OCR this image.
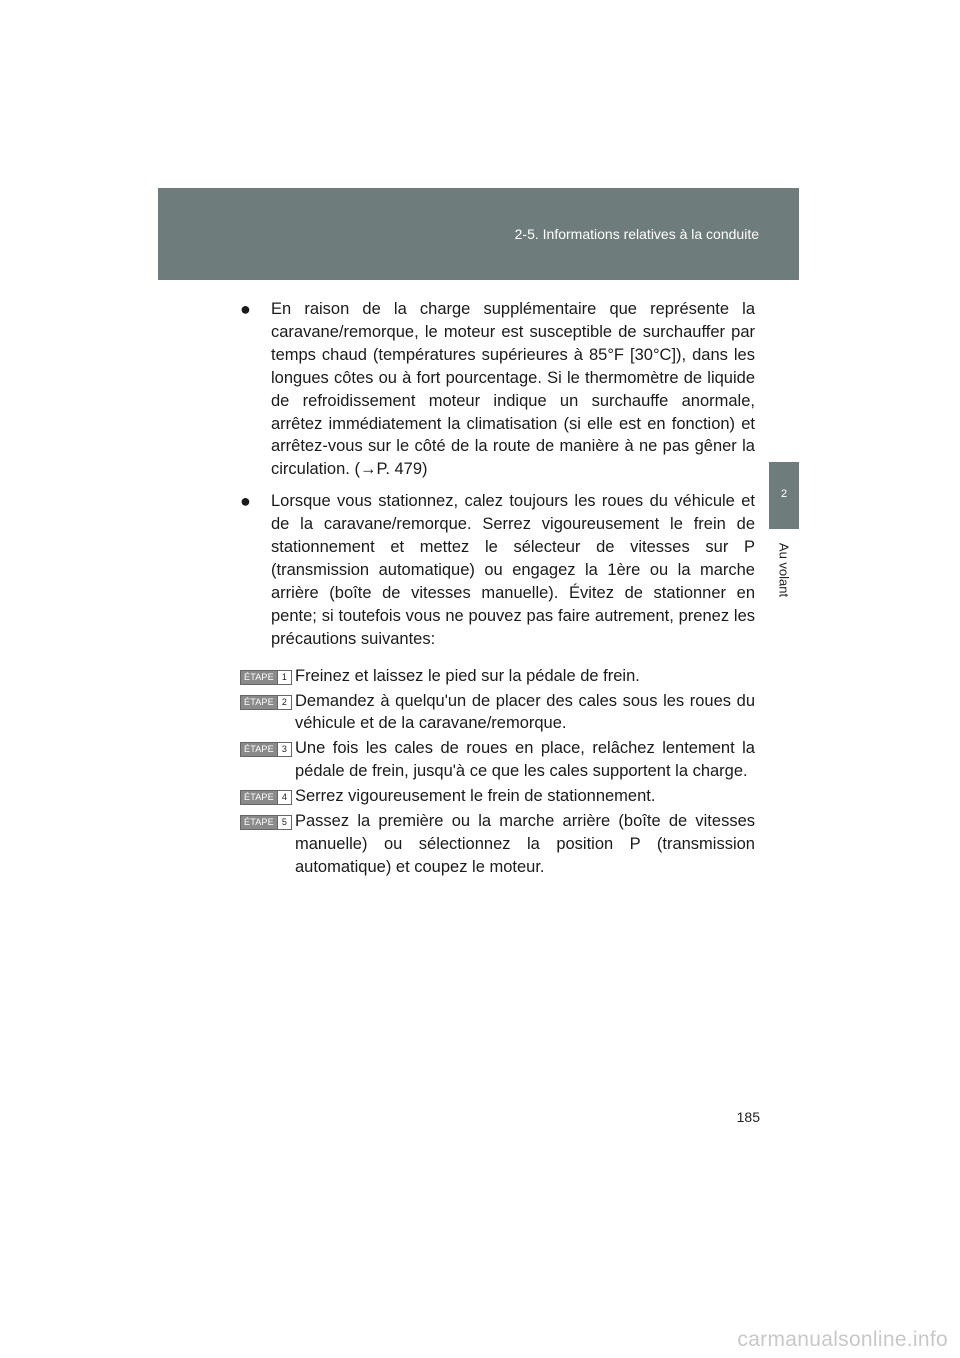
2-5. Informations relatives à la conduite
2
Au volant
● En raison de la charge supplémentaire que représente la caravane/remorque, le moteur est susceptible de surchauffer par temps chaud (températures supérieures à 85°F [30°C]), dans les longues côtes ou à fort pourcentage. Si le thermomètre de liquide de refroidissement moteur indique un surchauffe anormale, arrêtez immédiatement la climatisation (si elle est en fonction) et arrêtez-vous sur le côté de la route de manière à ne pas gêner la circulation. (→P. 479)
● Lorsque vous stationnez, calez toujours les roues du véhicule et de la caravane/remorque. Serrez vigoureusement le frein de stationnement et mettez le sélecteur de vitesses sur P (transmission automatique) ou engagez la 1ère ou la marche arrière (boîte de vitesses manuelle). Évitez de stationner en pente; si toutefois vous ne pouvez pas faire autrement, prenez les précautions suivantes:
ÉTAPE 1 Freinez et laissez le pied sur la pédale de frein.
ÉTAPE 2 Demandez à quelqu'un de placer des cales sous les roues du véhicule et de la caravane/remorque.
ÉTAPE 3 Une fois les cales de roues en place, relâchez lentement la pédale de frein, jusqu'à ce que les cales supportent la charge.
ÉTAPE 4 Serrez vigoureusement le frein de stationnement.
ÉTAPE 5 Passez la première ou la marche arrière (boîte de vitesses manuelle) ou sélectionnez la position P (transmission automatique) et coupez le moteur.
185
carmanualsonline.info
